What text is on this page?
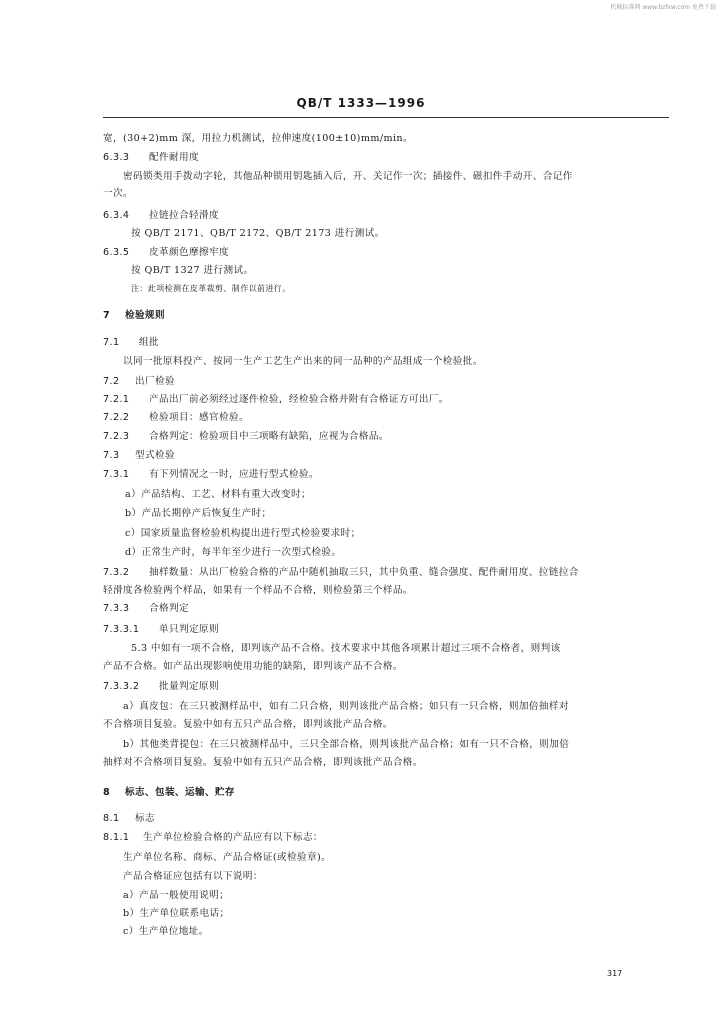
机械标准网 www.bzfxw.com 免费下载
QB/T 1333—1996
宽，(30+2)mm 深，用拉力机测试，拉伸速度(100±10)mm/min。
6.3.3 配件耐用度
密码锁类用手拨动字轮，其他品种锁用钥匙插入后，开、关记作一次；插接件、磁扣件手动开、合记作
一次。
6.3.4 拉链拉合轻滑度
按 QB/T 2171、QB/T 2172、QB/T 2173 进行测试。
6.3.5 皮革颜色摩擦牢度
按 QB/T 1327 进行测试。
注：此项检测在皮革裁剪、制作以前进行。
7 检验规则
7.1 组批
以同一批原料投产、按同一生产工艺生产出来的同一品种的产品组成一个检验批。
7.2 出厂检验
7.2.1 产品出厂前必须经过逐件检验，经检验合格并附有合格证方可出厂。
7.2.2 检验项目：感官检验。
7.2.3 合格判定：检验项目中三项略有缺陷，应视为合格品。
7.3 型式检验
7.3.1 有下列情况之一时，应进行型式检验。
a）产品结构、工艺、材料有重大改变时；
b）产品长期停产后恢复生产时；
c）国家质量监督检验机构提出进行型式检验要求时；
d）正常生产时，每半年至少进行一次型式检验。
7.3.2 抽样数量：从出厂检验合格的产品中随机抽取三只，其中负重、缝合强度、配件耐用度、拉链拉合
轻滑度各检验两个样品，如果有一个样品不合格，则检验第三个样品。
7.3.3 合格判定
7.3.3.1 单只判定原则
5.3 中如有一项不合格，即判该产品不合格。技术要求中其他各项累计超过三项不合格者，则判该
产品不合格。如产品出现影响使用功能的缺陷，即判该产品不合格。
7.3.3.2 批量判定原则
a）真皮包：在三只被测样品中，如有二只合格，则判该批产品合格；如只有一只合格，则加倍抽样对
不合格项目复验。复验中如有五只产品合格，即判该批产品合格。
b）其他类背提包：在三只被测样品中，三只全部合格，则判该批产品合格；如有一只不合格，则加倍
抽样对不合格项目复验。复验中如有五只产品合格，即判该批产品合格。
8 标志、包装、运输、贮存
8.1 标志
8.1.1 生产单位检验合格的产品应有以下标志：
生产单位名称、商标、产品合格证(或检验章)。
产品合格证应包括有以下说明：
a）产品一般使用说明；
b）生产单位联系电话；
c）生产单位地址。
317
